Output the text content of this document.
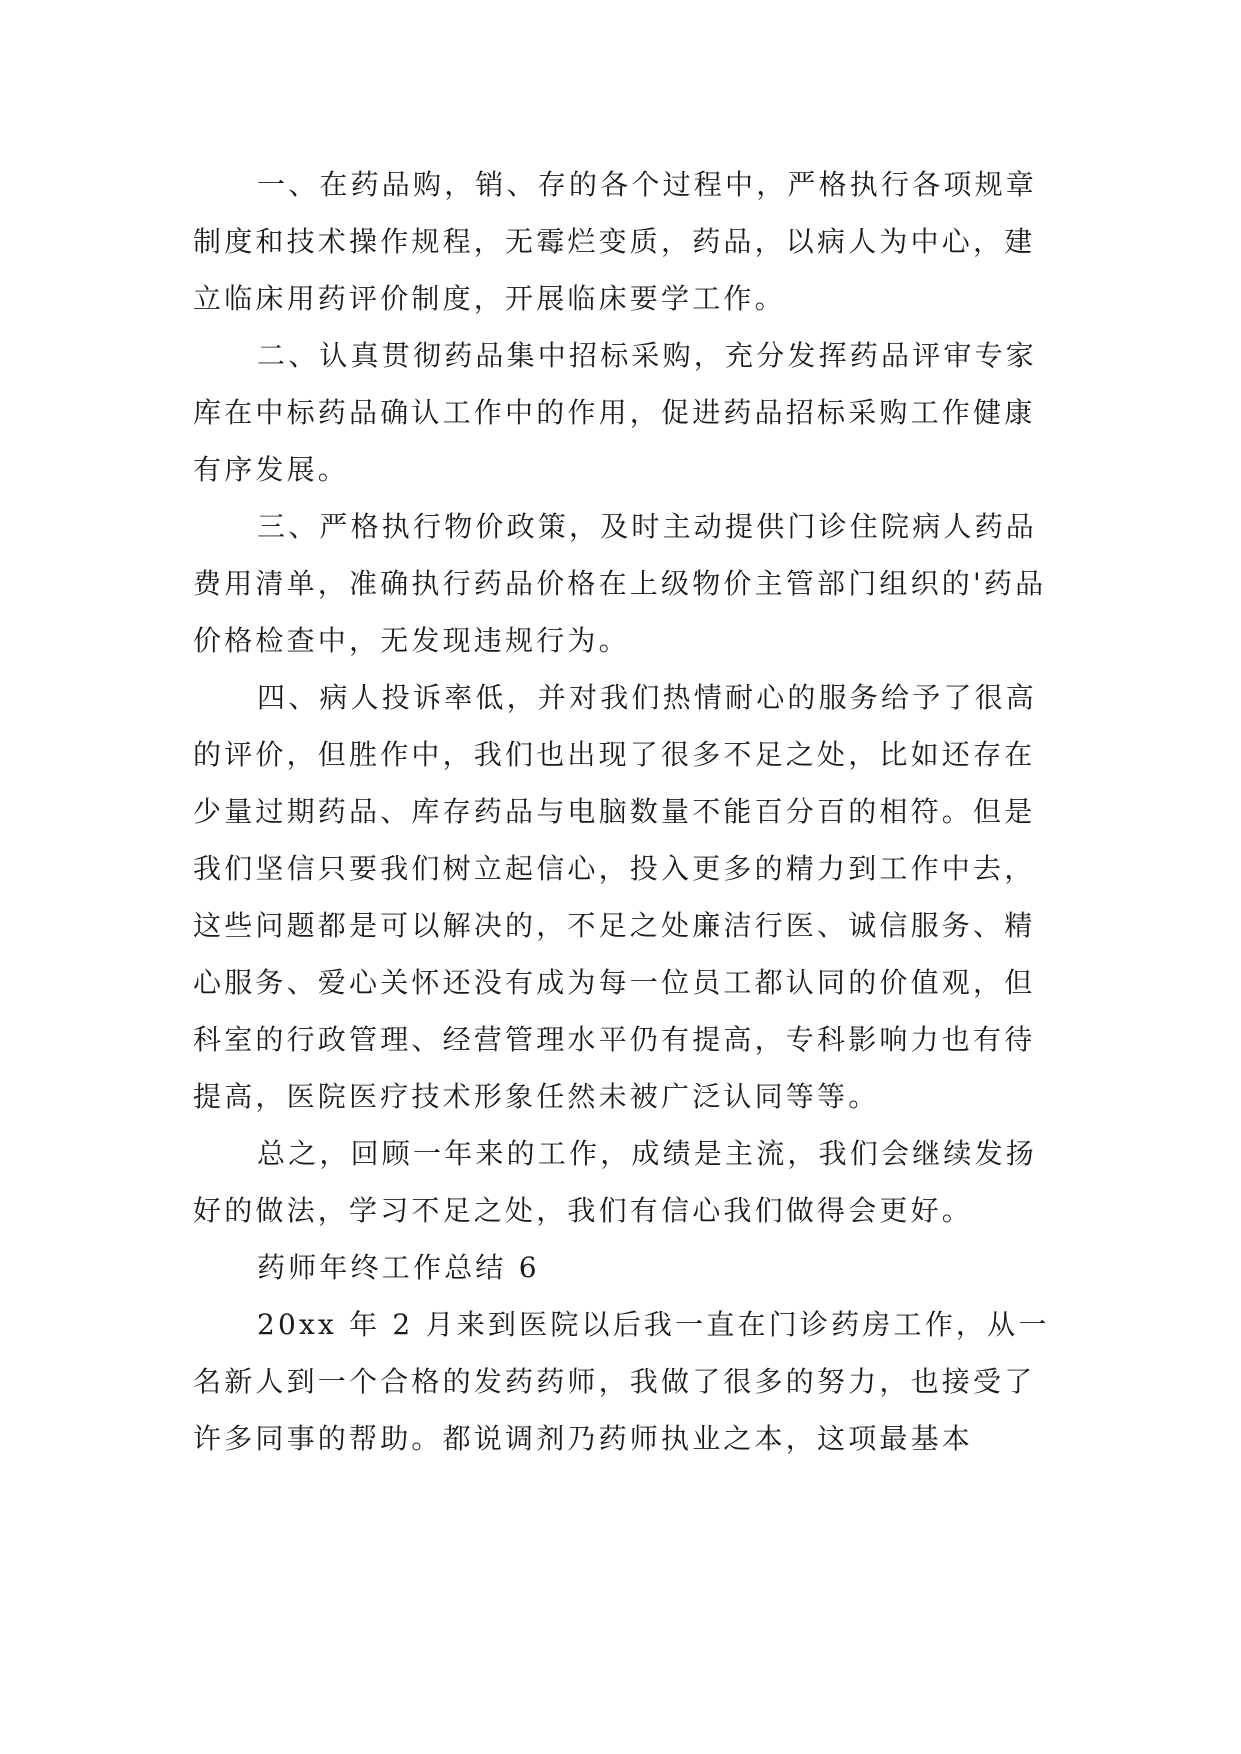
一、在药品购，销、存的各个过程中，严格执行各项规章制度和技术操作规程，无霉烂变质，药品，以病人为中心，建立临床用药评价制度，开展临床要学工作。

二、认真贯彻药品集中招标采购，充分发挥药品评审专家库在中标药品确认工作中的作用，促进药品招标采购工作健康有序发展。

三、严格执行物价政策，及时主动提供门诊住院病人药品费用清单，准确执行药品价格在上级物价主管部门组织的'药品价格检查中，无发现违规行为。

四、病人投诉率低，并对我们热情耐心的服务给予了很高的评价，但胜作中，我们也出现了很多不足之处，比如还存在少量过期药品、库存药品与电脑数量不能百分百的相符。但是我们坚信只要我们树立起信心，投入更多的精力到工作中去，这些问题都是可以解决的，不足之处廉洁行医、诚信服务、精心服务、爱心关怀还没有成为每一位员工都认同的价值观，但科室的行政管理、经营管理水平仍有提高，专科影响力也有待提高，医院医疗技术形象任然未被广泛认同等等。

总之，回顾一年来的工作，成绩是主流，我们会继续发扬好的做法，学习不足之处，我们有信心我们做得会更好。

药师年终工作总结 6

20xx 年 2 月来到医院以后我一直在门诊药房工作，从一名新人到一个合格的发药药师，我做了很多的努力，也接受了许多同事的帮助。都说调剂乃药师执业之本，这项最基本
